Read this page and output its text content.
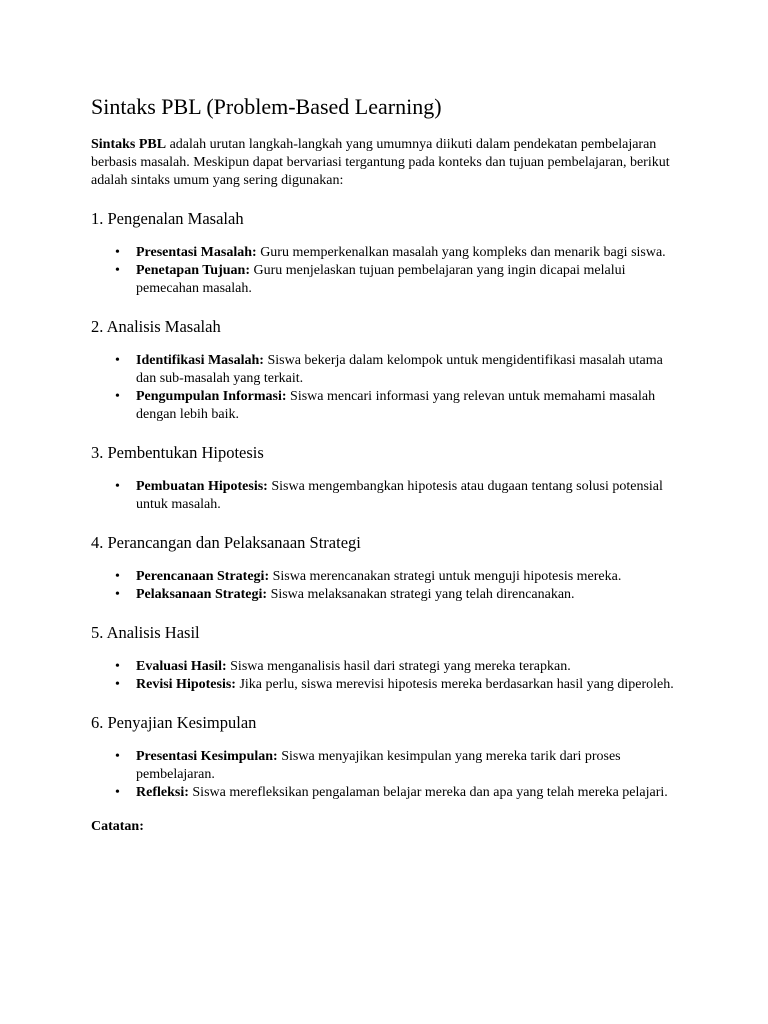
Sintaks PBL (Problem-Based Learning)

Sintaks PBL adalah urutan langkah-langkah yang umumnya diikuti dalam pendekatan pembelajaran berbasis masalah. Meskipun dapat bervariasi tergantung pada konteks dan tujuan pembelajaran, berikut adalah sintaks umum yang sering digunakan:

1. Pengenalan Masalah
• Presentasi Masalah: Guru memperkenalkan masalah yang kompleks dan menarik bagi siswa.
• Penetapan Tujuan: Guru menjelaskan tujuan pembelajaran yang ingin dicapai melalui pemecahan masalah.
2. Analisis Masalah
• Identifikasi Masalah: Siswa bekerja dalam kelompok untuk mengidentifikasi masalah utama dan sub-masalah yang terkait.
• Pengumpulan Informasi: Siswa mencari informasi yang relevan untuk memahami masalah dengan lebih baik.
3. Pembentukan Hipotesis
• Pembuatan Hipotesis: Siswa mengembangkan hipotesis atau dugaan tentang solusi potensial untuk masalah.
4. Perancangan dan Pelaksanaan Strategi
• Perencanaan Strategi: Siswa merencanakan strategi untuk menguji hipotesis mereka.
• Pelaksanaan Strategi: Siswa melaksanakan strategi yang telah direncanakan.
5. Analisis Hasil
• Evaluasi Hasil: Siswa menganalisis hasil dari strategi yang mereka terapkan.
• Revisi Hipotesis: Jika perlu, siswa merevisi hipotesis mereka berdasarkan hasil yang diperoleh.
6. Penyajian Kesimpulan
• Presentasi Kesimpulan: Siswa menyajikan kesimpulan yang mereka tarik dari proses pembelajaran.
• Refleksi: Siswa merefleksikan pengalaman belajar mereka dan apa yang telah mereka pelajari.

Catatan:
